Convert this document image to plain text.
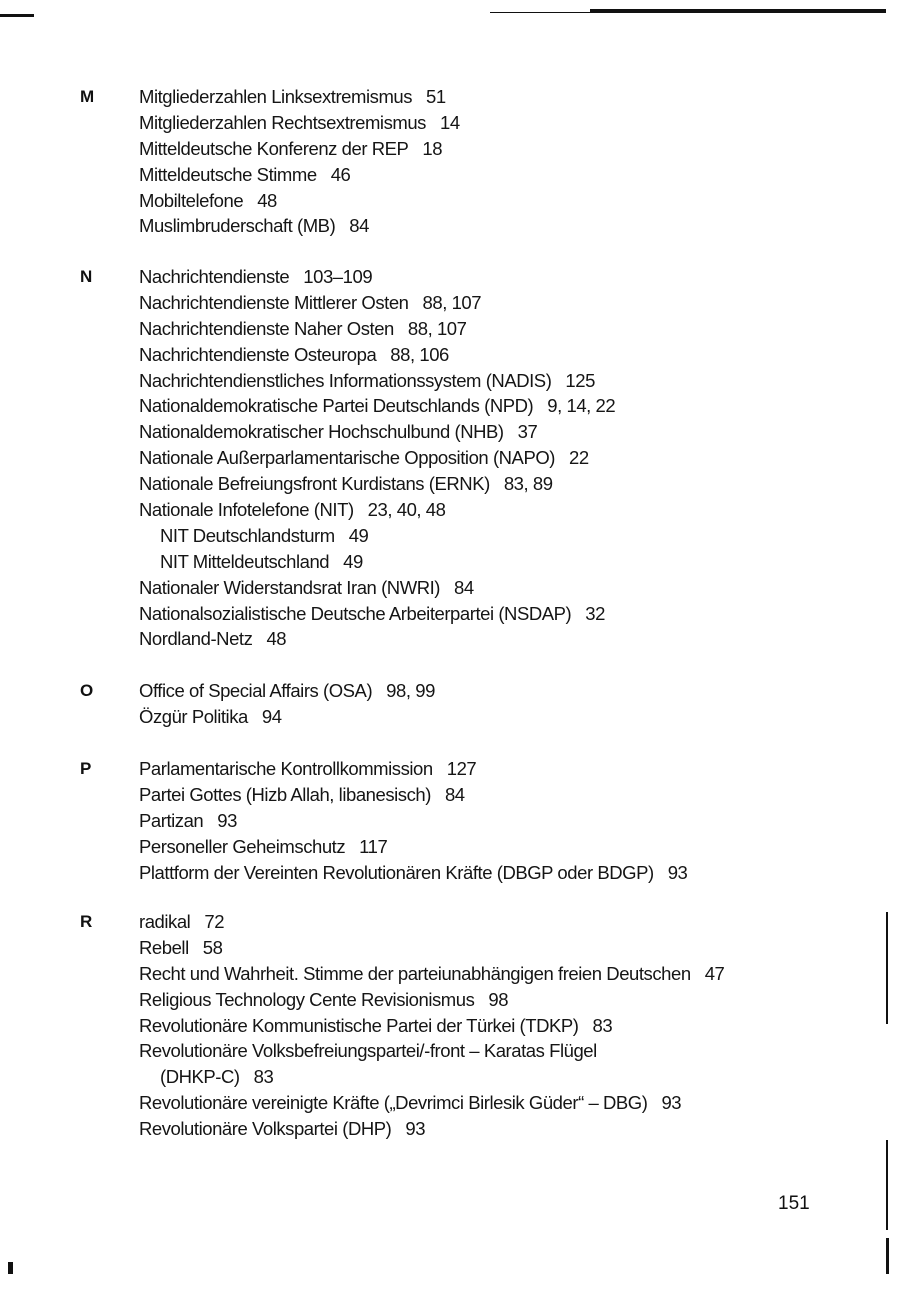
M	Mitgliederzahlen Linksextremismus 51
Mitgliederzahlen Rechtsextremismus 14
Mitteldeutsche Konferenz der REP 18
Mitteldeutsche Stimme 46
Mobiltelefone 48
Muslimbruderschaft (MB) 84
N	Nachrichtendienste 103–109
Nachrichtendienste Mittlerer Osten 88, 107
Nachrichtendienste Naher Osten 88, 107
Nachrichtendienste Osteuropa 88, 106
Nachrichtendienstliches Informationssystem (NADIS) 125
Nationaldemokratische Partei Deutschlands (NPD) 9, 14, 22
Nationaldemokratischer Hochschulbund (NHB) 37
Nationale Außerparlamentarische Opposition (NAPO) 22
Nationale Befreiungsfront Kurdistans (ERNK) 83, 89
Nationale Infotelefone (NIT) 23, 40, 48
NIT Deutschlandsturm 49
NIT Mitteldeutschland 49
Nationaler Widerstandsrat Iran (NWRI) 84
Nationalsozialistische Deutsche Arbeiterpartei (NSDAP) 32
Nordland-Netz 48
O	Office of Special Affairs (OSA) 98, 99
Özgür Politika 94
P	Parlamentarische Kontrollkommission 127
Partei Gottes (Hizb Allah, libanesisch) 84
Partizan 93
Personeller Geheimschutz 117
Plattform der Vereinten Revolutionären Kräfte (DBGP oder BDGP) 93
R	radikal 72
Rebell 58
Recht und Wahrheit. Stimme der parteiunabhängigen freien Deutschen 47
Religious Technology Cente Revisionismus 98
Revolutionäre Kommunistische Partei der Türkei (TDKP) 83
Revolutionäre Volksbefreiungspartei/-front – Karatas Flügel
(DHKP-C) 83
Revolutionäre vereinigte Kräfte („Devrimci Birlesik Güder“ – DBG) 93
Revolutionäre Volkspartei (DHP) 93
151
